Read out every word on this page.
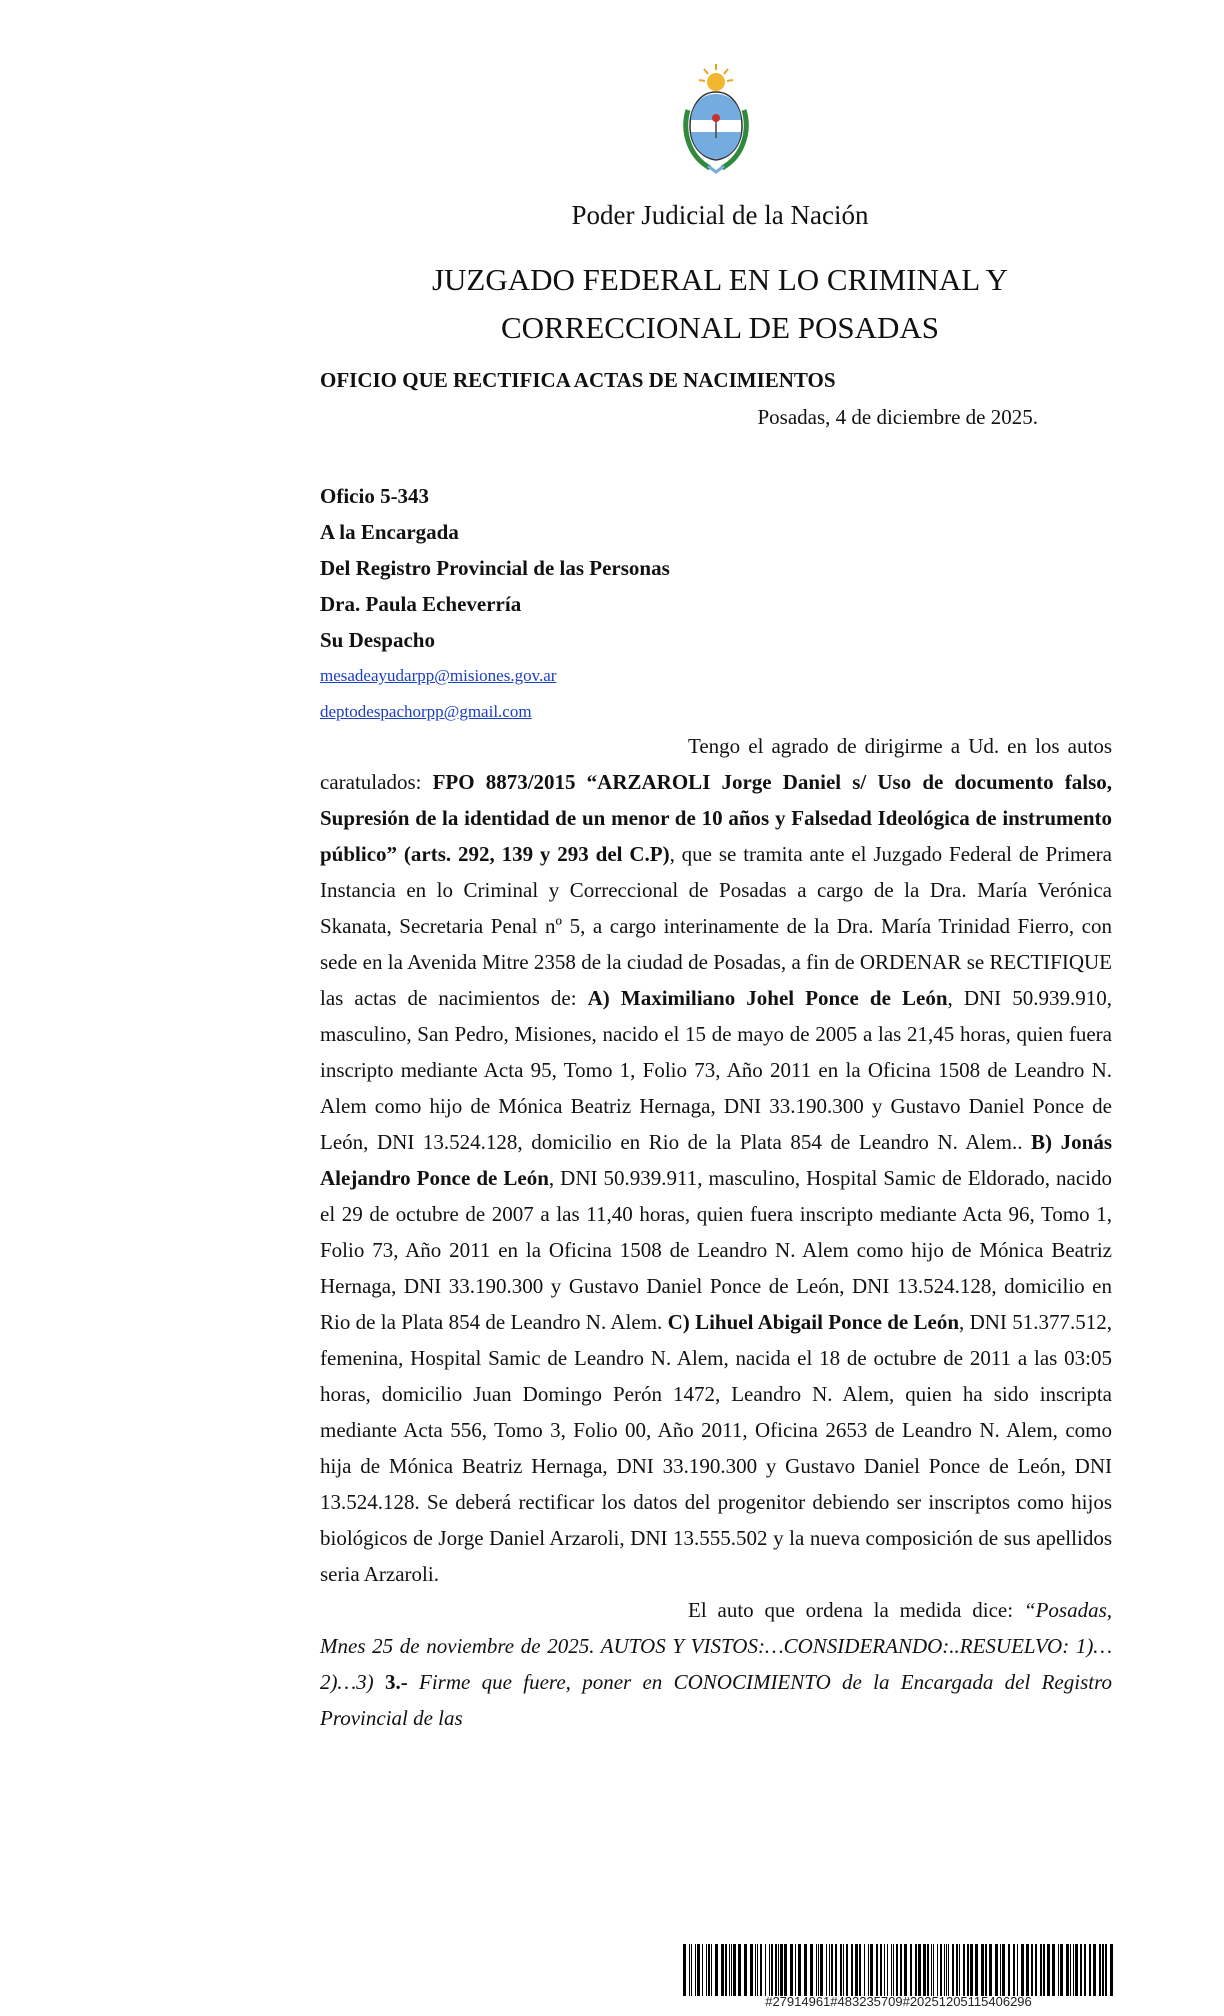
Poder Judicial de la Nación
JUZGADO FEDERAL EN LO CRIMINAL Y
CORRECCIONAL DE POSADAS
OFICIO QUE RECTIFICA ACTAS DE NACIMIENTOS
Posadas, 4 de diciembre de 2025.
Oficio 5-343
A la Encargada
Del Registro Provincial de las Personas
Dra. Paula Echeverría
Su Despacho
mesadeayudarpp@misiones.gov.ar
deptodespachorpp@gmail.com

Tengo el agrado de dirigirme a Ud. en los autos caratulados: FPO 8873/2015 “ARZAROLI Jorge Daniel s/ Uso de documento falso, Supresión de la identidad de un menor de 10 años y Falsedad Ideológica de instrumento público” (arts. 292, 139 y 293 del C.P), que se tramita ante el Juzgado Federal de Primera Instancia en lo Criminal y Correccional de Posadas a cargo de la Dra. María Verónica Skanata, Secretaria Penal nº 5, a cargo interinamente de la Dra. María Trinidad Fierro, con sede en la Avenida Mitre 2358 de la ciudad de Posadas, a fin de ORDENAR se RECTIFIQUE las actas de nacimientos de: A) Maximiliano Johel Ponce de León, DNI 50.939.910, masculino, San Pedro, Misiones, nacido el 15 de mayo de 2005 a las 21,45 horas, quien fuera inscripto mediante Acta 95, Tomo 1, Folio 73, Año 2011 en la Oficina 1508 de Leandro N. Alem como hijo de Mónica Beatriz Hernaga, DNI 33.190.300 y Gustavo Daniel Ponce de León, DNI 13.524.128, domicilio en Rio de la Plata 854 de Leandro N. Alem.. B) Jonás Alejandro Ponce de León, DNI 50.939.911, masculino, Hospital Samic de Eldorado, nacido el 29 de octubre de 2007 a las 11,40 horas, quien fuera inscripto mediante Acta 96, Tomo 1, Folio 73, Año 2011 en la Oficina 1508 de Leandro N. Alem como hijo de Mónica Beatriz Hernaga, DNI 33.190.300 y Gustavo Daniel Ponce de León, DNI 13.524.128, domicilio en Rio de la Plata 854 de Leandro N. Alem. C) Lihuel Abigail Ponce de León, DNI 51.377.512, femenina, Hospital Samic de Leandro N. Alem, nacida el 18 de octubre de 2011 a las 03:05 horas, domicilio Juan Domingo Perón 1472, Leandro N. Alem, quien ha sido inscripta mediante Acta 556, Tomo 3, Folio 00, Año 2011, Oficina 2653 de Leandro N. Alem, como hija de Mónica Beatriz Hernaga, DNI 33.190.300 y Gustavo Daniel Ponce de León, DNI 13.524.128. Se deberá rectificar los datos del progenitor debiendo ser inscriptos como hijos biológicos de Jorge Daniel Arzaroli, DNI 13.555.502 y la nueva composición de sus apellidos seria Arzaroli.

El auto que ordena la medida dice: “Posadas, Mnes 25 de noviembre de 2025. AUTOS Y VISTOS:…CONSIDERANDO:..RESUELVO: 1)…2)…3) 3.- Firme que fuere, poner en CONOCIMIENTO de la Encargada del Registro Provincial de las

#27914961#483235709#20251205115406296
